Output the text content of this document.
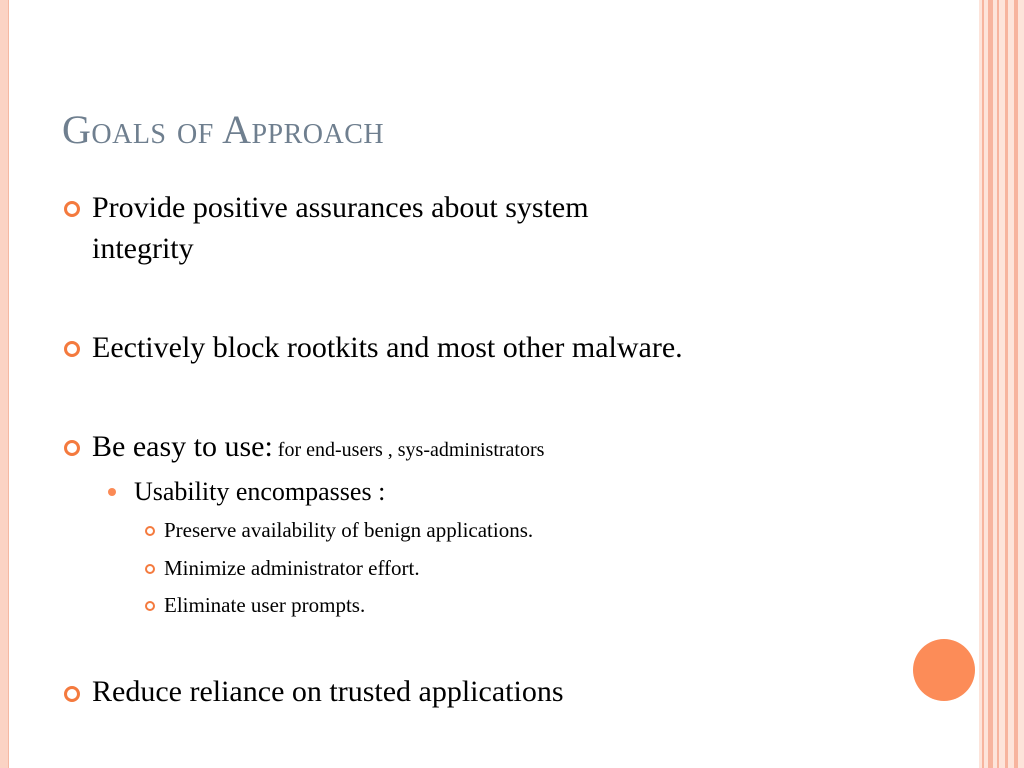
Goals of Approach
Provide positive assurances about system
integrity
Eectively block rootkits and most other malware.
Be easy to use: for end-users , sys-administrators
Usability encompasses :
Preserve availability of benign applications.
Minimize administrator effort.
Eliminate user prompts.
Reduce reliance on trusted applications
